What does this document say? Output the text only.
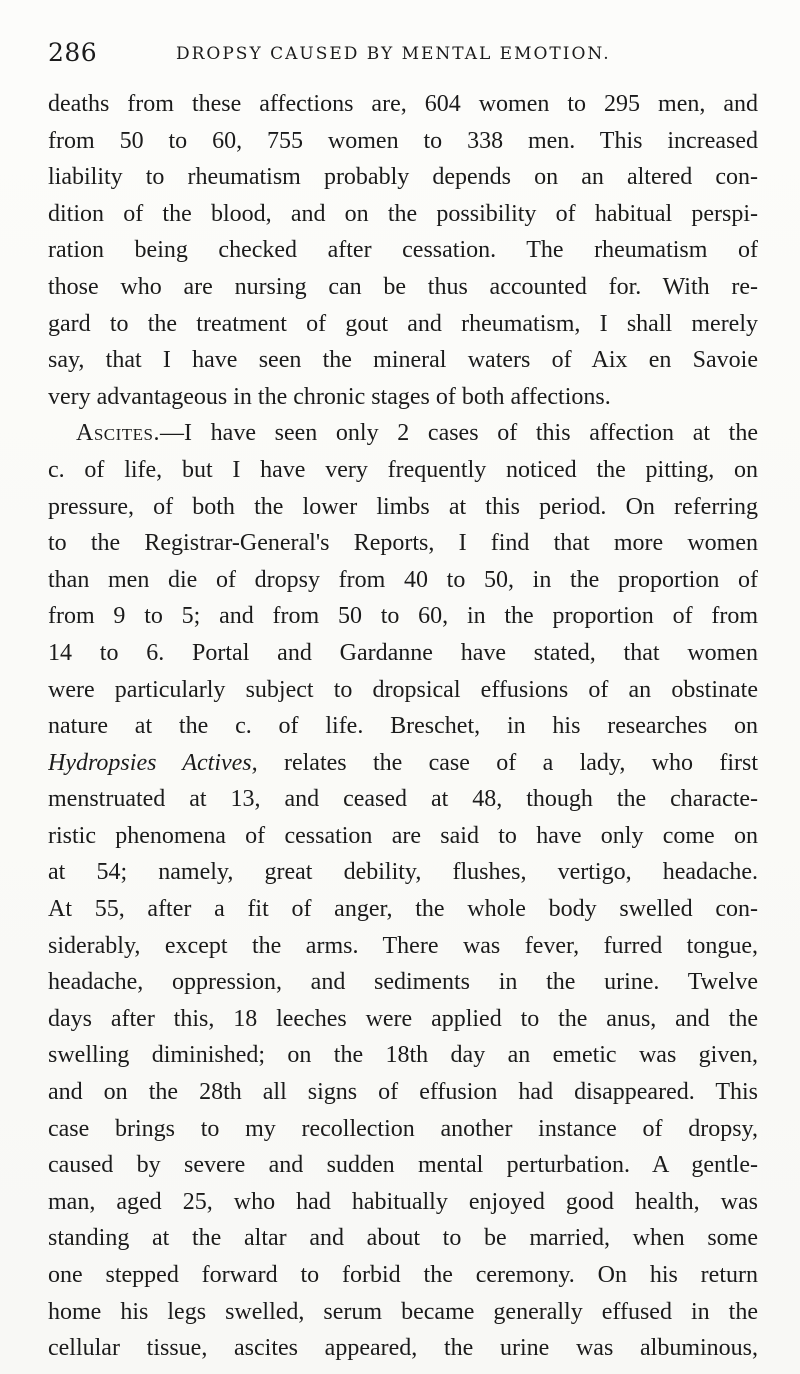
286	DROPSY CAUSED BY MENTAL EMOTION.
deaths from these affections are, 604 women to 295 men, and
from 50 to 60, 755 women to 338 men. This increased
liability to rheumatism probably depends on an altered con-
dition of the blood, and on the possibility of habitual perspi-
ration being checked after cessation. The rheumatism of
those who are nursing can be thus accounted for. With re-
gard to the treatment of gout and rheumatism, I shall merely
say, that I have seen the mineral waters of Aix en Savoie
very advantageous in the chronic stages of both affections.
Ascites.—I have seen only 2 cases of this affection at the
c. of life, but I have very frequently noticed the pitting, on
pressure, of both the lower limbs at this period. On referring
to the Registrar-General's Reports, I find that more women
than men die of dropsy from 40 to 50, in the proportion of
from 9 to 5; and from 50 to 60, in the proportion of from
14 to 6. Portal and Gardanne have stated, that women
were particularly subject to dropsical effusions of an obstinate
nature at the c. of life. Breschet, in his researches on
Hydropsies Actives, relates the case of a lady, who first
menstruated at 13, and ceased at 48, though the characte-
ristic phenomena of cessation are said to have only come on
at 54; namely, great debility, flushes, vertigo, headache.
At 55, after a fit of anger, the whole body swelled con-
siderably, except the arms. There was fever, furred tongue,
headache, oppression, and sediments in the urine. Twelve
days after this, 18 leeches were applied to the anus, and the
swelling diminished; on the 18th day an emetic was given,
and on the 28th all signs of effusion had disappeared. This
case brings to my recollection another instance of dropsy,
caused by severe and sudden mental perturbation. A gentle-
man, aged 25, who had habitually enjoyed good health, was
standing at the altar and about to be married, when some
one stepped forward to forbid the ceremony. On his return
home his legs swelled, serum became generally effused in the
cellular tissue, ascites appeared, the urine was albuminous,
